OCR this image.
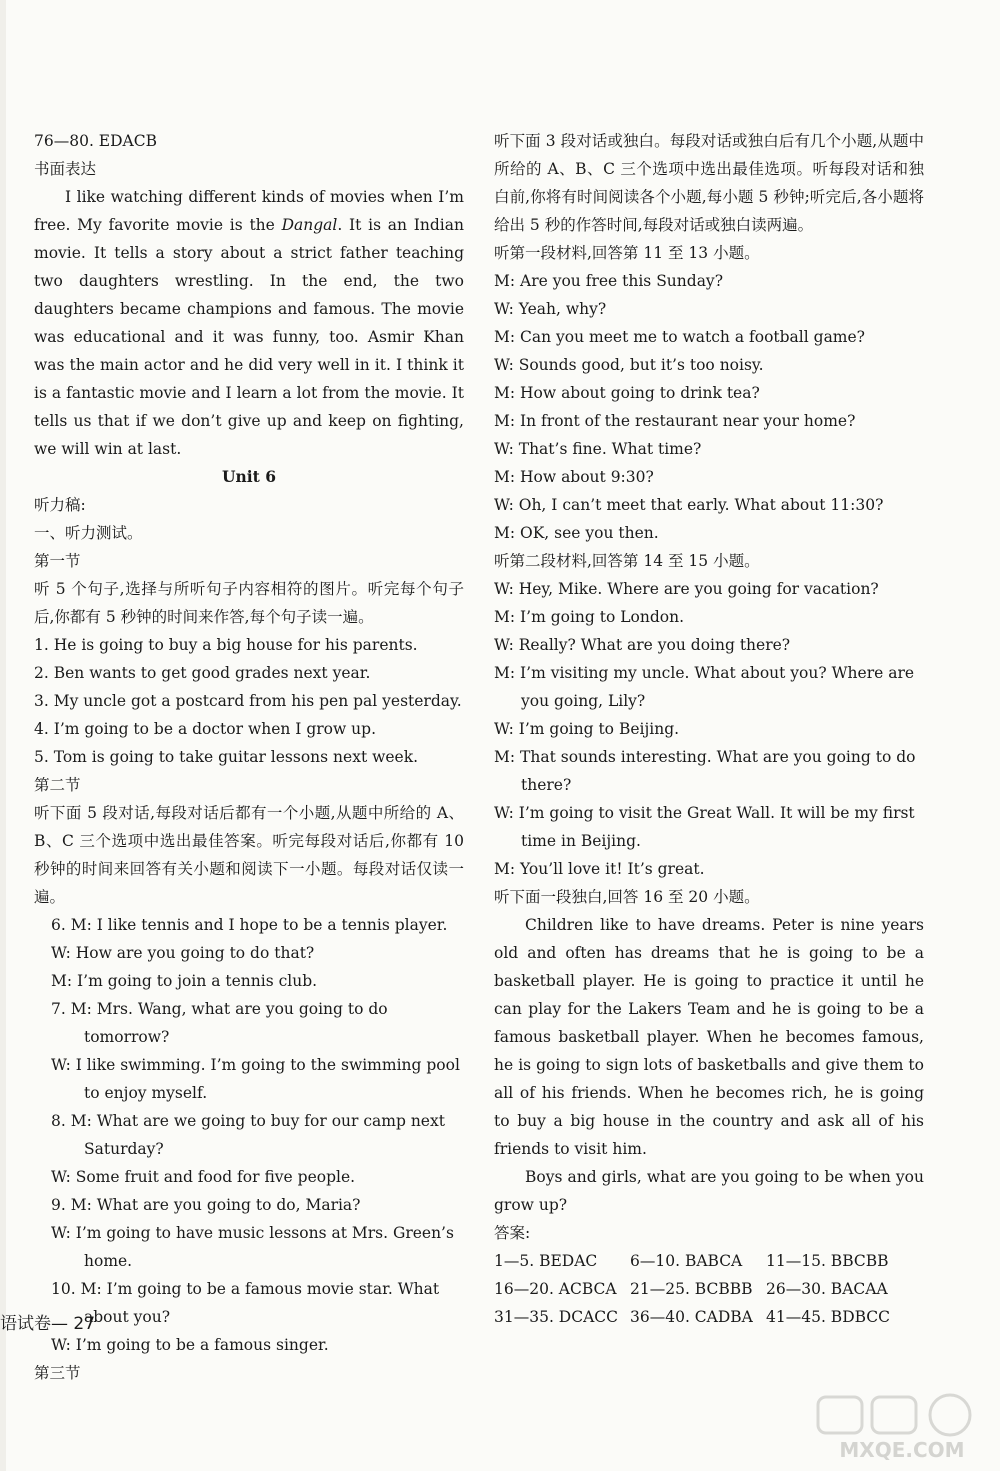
76—80. EDACB
书面表达
I like watching different kinds of movies when I’m free. My favorite movie is the Dangal. It is an Indian movie. It tells a story about a strict father teaching two daughters wrestling. In the end, the two daughters became champions and famous. The movie was educational and it was funny, too. Asmir Khan was the main actor and he did very well in it. I think it is a fantastic movie and I learn a lot from the movie. It tells us that if we don’t give up and keep on fighting, we will win at last.
Unit 6
听力稿:
一、听力测试。
第一节
听 5 个句子,选择与所听句子内容相符的图片。听完每个句子后,你都有 5 秒钟的时间来作答,每个句子读一遍。
1. He is going to buy a big house for his parents.
2. Ben wants to get good grades next year.
3. My uncle got a postcard from his pen pal yesterday.
4. I’m going to be a doctor when I grow up.
5. Tom is going to take guitar lessons next week.
第二节
听下面 5 段对话,每段对话后都有一个小题,从题中所给的 A、B、C 三个选项中选出最佳答案。听完每段对话后,你都有 10 秒钟的时间来回答有关小题和阅读下一小题。每段对话仅读一遍。
6. M: I like tennis and I hope to be a tennis player.
W: How are you going to do that?
M: I’m going to join a tennis club.
7. M: Mrs. Wang, what are you going to do tomorrow?
W: I like swimming. I’m going to the swimming pool to enjoy myself.
8. M: What are we going to buy for our camp next Saturday?
W: Some fruit and food for five people.
9. M: What are you going to do, Maria?
W: I’m going to have music lessons at Mrs. Green’s home.
10. M: I’m going to be a famous movie star. What about you?
W: I’m going to be a famous singer.
第三节
听下面 3 段对话或独白。每段对话或独白后有几个小题,从题中所给的 A、B、C 三个选项中选出最佳选项。听每段对话和独白前,你将有时间阅读各个小题,每小题 5 秒钟;听完后,各小题将给出 5 秒的作答时间,每段对话或独白读两遍。
听第一段材料,回答第 11 至 13 小题。
M: Are you free this Sunday?
W: Yeah, why?
M: Can you meet me to watch a football game?
W: Sounds good, but it’s too noisy.
M: How about going to drink tea?
M: In front of the restaurant near your home?
W: That’s fine. What time?
M: How about 9:30?
W: Oh, I can’t meet that early. What about 11:30?
M: OK, see you then.
听第二段材料,回答第 14 至 15 小题。
W: Hey, Mike. Where are you going for vacation?
M: I’m going to London.
W: Really? What are you doing there?
M: I’m visiting my uncle. What about you? Where are you going, Lily?
W: I’m going to Beijing.
M: That sounds interesting. What are you going to do there?
W: I’m going to visit the Great Wall. It will be my first time in Beijing.
M: You’ll love it! It’s great.
听下面一段独白,回答 16 至 20 小题。
Children like to have dreams. Peter is nine years old and often has dreams that he is going to be a basketball player. He is going to practice it until he can play for the Lakers Team and he is going to be a famous basketball player. When he becomes famous, he is going to sign lots of basketballs and give them to all of his friends. When he becomes rich, he is going to buy a big house in the country and ask all of his friends to visit him.
Boys and girls, what are you going to be when you grow up?
答案:
1—5. BEDAC 6—10. BABCA 11—15. BBCBB
16—20. ACBCA 21—25. BCBBB 26—30. BACAA
31—35. DCACC 36—40. CADBA 41—45. BDBCC
语试卷— 27
MXQE.COM
